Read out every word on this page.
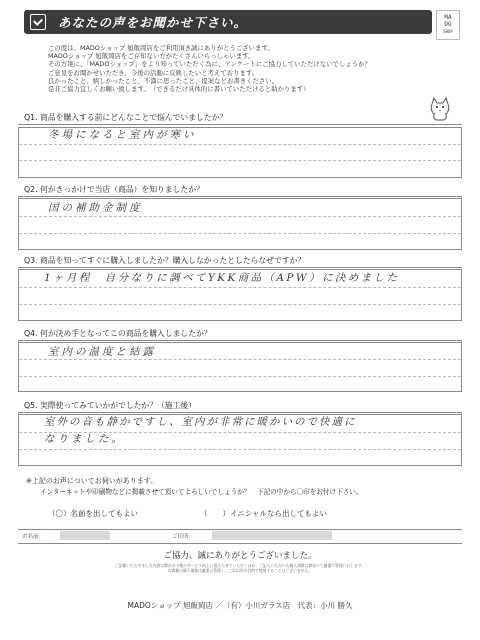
あなたの声をお聞かせ下さい。	MA
DO
SHOP
この度は、MADOショップ 旭飯岡店をご利用頂き誠にありがとうございます。
MADOショップ 旭飯岡店をご存知ない方がたくさんいらっしゃいます。
その方達に、「MADOショップ」をより知っていただく為に、アンケートにご協力していただけないでしょうか？
ご意見をお聞かせいただき、今後の活動に反映したいと考えております。
良かったこと、嬉しかったこと、不満に思ったこと、提案などお書きください。
是非ご協力宜しくお願い致します。　（できるだけ具体的に書いていただけると助かります）
Q1. 商品を購入する前にどんなことで悩んでいましたか？
冬場になると室内が寒い
Q2. 何がきっかけで当店（商品）を知りましたか？
国の補助金制度
Q3. 商品を知ってすぐに購入しましたか？購入しなかったとしたらなぜですか？
1ヶ月程　自分なりに調べてYKK商品（APW）に決めました
Q4. 何が決め手となってこの商品を購入しましたか？
室内の温度と結露
Q5. 実際使ってみていかがでしたか？（施工後）
室外の音も静かですし、室内が非常に暖かいので快適に
なりました。
※上記のお声についてお伺いがあります。
インターネットや印刷物などに掲載させて頂いてよろしいでしょうか？　下記の中から〇印をお付け下さい。
（〇）名前を出してもよい	（　　）イニシャルなら出してもよい
お名前：	ご住所：
ご協力、誠にありがとうございました。
ご記載いただきました内容は弊社の今後のサービス向上に役立たせていただくほか、ご記入いただいた個人情報は弊社にて厳重に管理いたします。
お客様の個人情報は厳重に管理し、これ以外の目的で使用することはございません。
MADOショップ 旭飯岡店 ／（有）小川ガラス店　代表：小川 勝久
